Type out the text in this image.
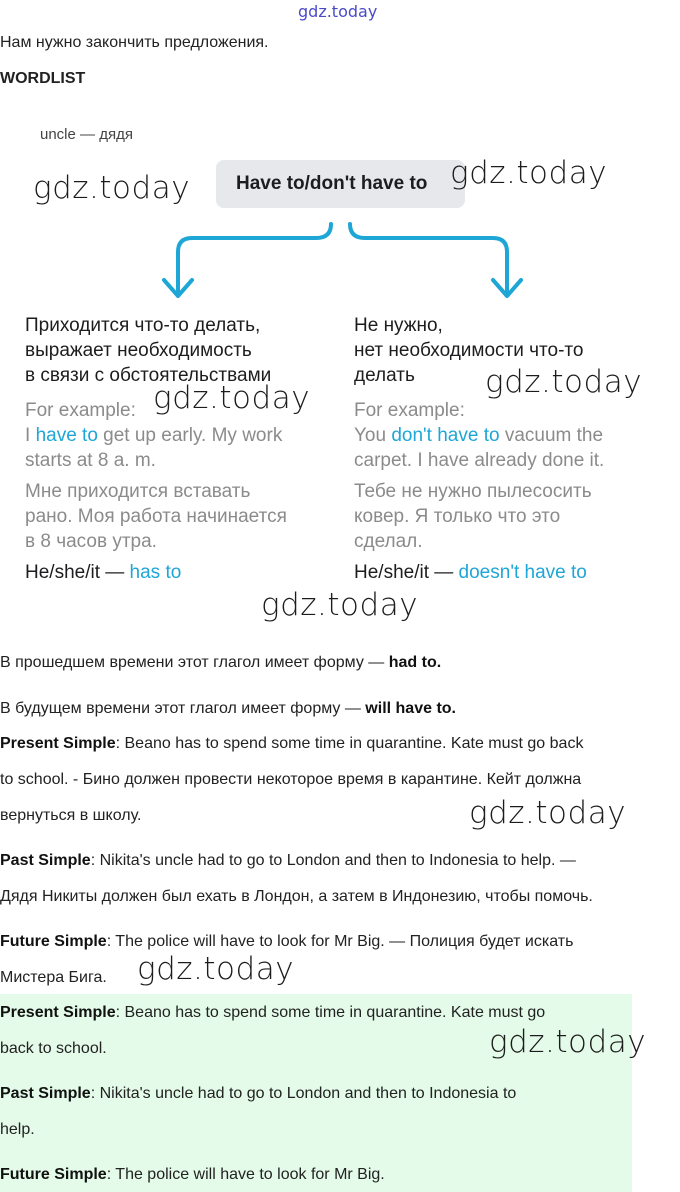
gdz.today
Нам нужно закончить предложения.
WORDLIST
uncle — дядя
Have to/don't have to
Приходится что-то делать,
выражает необходимость
в связи с обстоятельствами
For example:
I have to get up early. My work
starts at 8 a. m.
Мне приходится вставать
рано. Моя работа начинается
в 8 часов утра.
He/she/it — has to
Не нужно,
нет необходимости что-то
делать
For example:
You don't have to vacuum the
carpet. I have already done it.
Тебе не нужно пылесосить
ковер. Я только что это
сделал.
He/she/it — doesn't have to
В прошедшем времени этот глагол имеет форму — had to.
В будущем времени этот глагол имеет форму — will have to.
Present Simple: Beano has to spend some time in quarantine. Kate must go back
to school. - Бино должен провести некоторое время в карантине. Кейт должна
вернуться в школу.
Past Simple: Nikita's uncle had to go to London and then to Indonesia to help. —
Дядя Никиты должен был ехать в Лондон, а затем в Индонезию, чтобы помочь.
Future Simple: The police will have to look for Mr Big. — Полиция будет искать
Мистера Бига.
Present Simple: Beano has to spend some time in quarantine. Kate must go
back to school.
Past Simple: Nikita's uncle had to go to London and then to Indonesia to
help.
Future Simple: The police will have to look for Mr Big.
gdz.today	gdz.today
gdz.today
gdz.today
gdz.today
gdz.today
gdz.today
gdz.today
